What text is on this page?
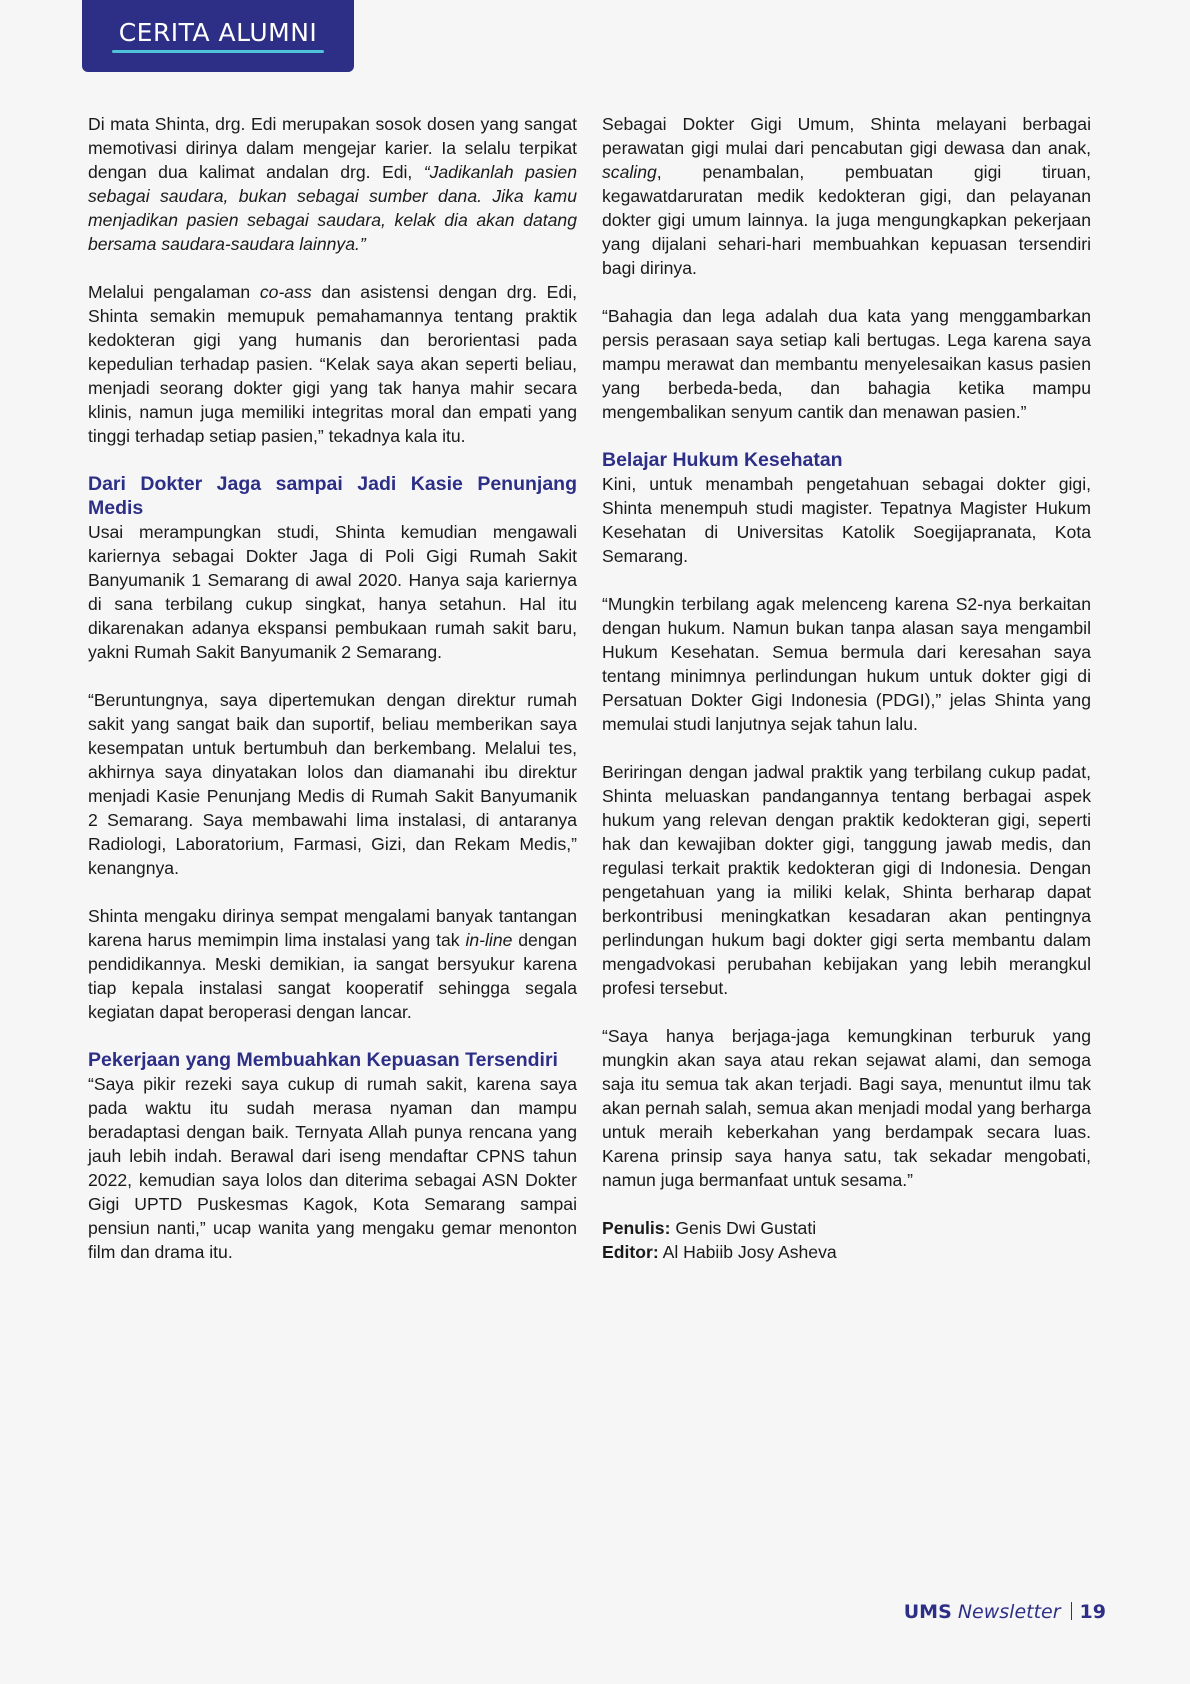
CERITA ALUMNI

Di mata Shinta, drg. Edi merupakan sosok dosen yang sangat memotivasi dirinya dalam mengejar karier. Ia selalu terpikat dengan dua kalimat andalan drg. Edi, “Jadikanlah pasien sebagai saudara, bukan sebagai sumber dana. Jika kamu menjadikan pasien sebagai saudara, kelak dia akan datang bersama saudara-saudara lainnya.”

Melalui pengalaman co-ass dan asistensi dengan drg. Edi, Shinta semakin memupuk pemahamannya tentang praktik kedokteran gigi yang humanis dan berorientasi pada kepedulian terhadap pasien. “Kelak saya akan seperti beliau, menjadi seorang dokter gigi yang tak hanya mahir secara klinis, namun juga memiliki integritas moral dan empati yang tinggi terhadap setiap pasien,” tekadnya kala itu.

Dari Dokter Jaga sampai Jadi Kasie Penunjang Medis

Usai merampungkan studi, Shinta kemudian mengawali kariernya sebagai Dokter Jaga di Poli Gigi Rumah Sakit Banyumanik 1 Semarang di awal 2020. Hanya saja kariernya di sana terbilang cukup singkat, hanya setahun. Hal itu dikarenakan adanya ekspansi pembukaan rumah sakit baru, yakni Rumah Sakit Banyumanik 2 Semarang.

“Beruntungnya, saya dipertemukan dengan direktur rumah sakit yang sangat baik dan suportif, beliau memberikan saya kesempatan untuk bertumbuh dan berkembang. Melalui tes, akhirnya saya dinyatakan lolos dan diamanahi ibu direktur menjadi Kasie Penunjang Medis di Rumah Sakit Banyumanik 2 Semarang. Saya membawahi lima instalasi, di antaranya Radiologi, Laboratorium, Farmasi, Gizi, dan Rekam Medis,” kenangnya.

Shinta mengaku dirinya sempat mengalami banyak tantangan karena harus memimpin lima instalasi yang tak in-line dengan pendidikannya. Meski demikian, ia sangat bersyukur karena tiap kepala instalasi sangat kooperatif sehingga segala kegiatan dapat beroperasi dengan lancar.

Pekerjaan yang Membuahkan Kepuasan Tersendiri

“Saya pikir rezeki saya cukup di rumah sakit, karena saya pada waktu itu sudah merasa nyaman dan mampu beradaptasi dengan baik. Ternyata Allah punya rencana yang jauh lebih indah. Berawal dari iseng mendaftar CPNS tahun 2022, kemudian saya lolos dan diterima sebagai ASN Dokter Gigi UPTD Puskesmas Kagok, Kota Semarang sampai pensiun nanti,” ucap wanita yang mengaku gemar menonton film dan drama itu.

Sebagai Dokter Gigi Umum, Shinta melayani berbagai perawatan gigi mulai dari pencabutan gigi dewasa dan anak, scaling, penambalan, pembuatan gigi tiruan, kegawatdaruratan medik kedokteran gigi, dan pelayanan dokter gigi umum lainnya. Ia juga mengungkapkan pekerjaan yang dijalani sehari-hari membuahkan kepuasan tersendiri bagi dirinya.

“Bahagia dan lega adalah dua kata yang menggambarkan persis perasaan saya setiap kali bertugas. Lega karena saya mampu merawat dan membantu menyelesaikan kasus pasien yang berbeda-beda, dan bahagia ketika mampu mengembalikan senyum cantik dan menawan pasien.”

Belajar Hukum Kesehatan

Kini, untuk menambah pengetahuan sebagai dokter gigi, Shinta menempuh studi magister. Tepatnya Magister Hukum Kesehatan di Universitas Katolik Soegijapranata, Kota Semarang.

“Mungkin terbilang agak melenceng karena S2-nya berkaitan dengan hukum. Namun bukan tanpa alasan saya mengambil Hukum Kesehatan. Semua bermula dari keresahan saya tentang minimnya perlindungan hukum untuk dokter gigi di Persatuan Dokter Gigi Indonesia (PDGI),” jelas Shinta yang memulai studi lanjutnya sejak tahun lalu.

Beriringan dengan jadwal praktik yang terbilang cukup padat, Shinta meluaskan pandangannya tentang berbagai aspek hukum yang relevan dengan praktik kedokteran gigi, seperti hak dan kewajiban dokter gigi, tanggung jawab medis, dan regulasi terkait praktik kedokteran gigi di Indonesia. Dengan pengetahuan yang ia miliki kelak, Shinta berharap dapat berkontribusi meningkatkan kesadaran akan pentingnya perlindungan hukum bagi dokter gigi serta membantu dalam mengadvokasi perubahan kebijakan yang lebih merangkul profesi tersebut.

“Saya hanya berjaga-jaga kemungkinan terburuk yang mungkin akan saya atau rekan sejawat alami, dan semoga saja itu semua tak akan terjadi. Bagi saya, menuntut ilmu tak akan pernah salah, semua akan menjadi modal yang berharga untuk meraih keberkahan yang berdampak secara luas. Karena prinsip saya hanya satu, tak sekadar mengobati, namun juga bermanfaat untuk sesama.”

Penulis: Genis Dwi Gustati
Editor: Al Habiib Josy Asheva
UMS Newsletter 19
